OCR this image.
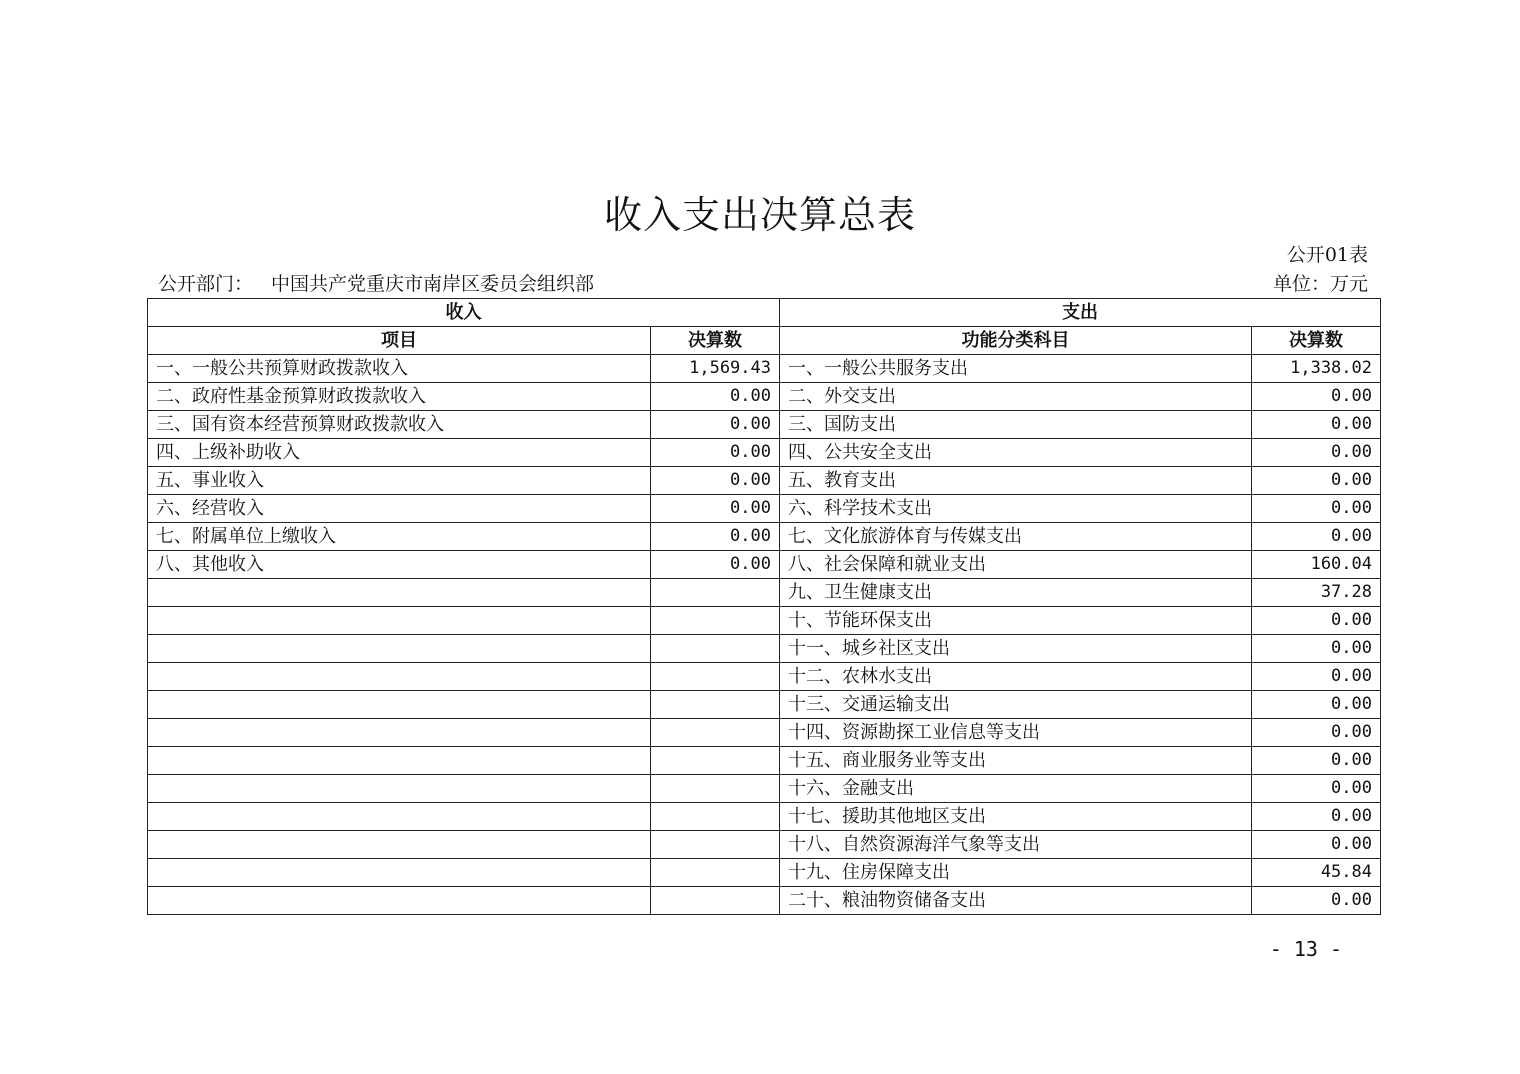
收入支出决算总表
公开01表
公开部门： 中国共产党重庆市南岸区委员会组织部	单位：万元
收入		支出	
项目	决算数	功能分类科目	决算数
一、一般公共预算财政拨款收入	1,569.43	一、一般公共服务支出	1,338.02
二、政府性基金预算财政拨款收入	0.00	二、外交支出	0.00
三、国有资本经营预算财政拨款收入	0.00	三、国防支出	0.00
四、上级补助收入	0.00	四、公共安全支出	0.00
五、事业收入	0.00	五、教育支出	0.00
六、经营收入	0.00	六、科学技术支出	0.00
七、附属单位上缴收入	0.00	七、文化旅游体育与传媒支出	0.00
八、其他收入	0.00	八、社会保障和就业支出	160.04
		九、卫生健康支出	37.28
		十、节能环保支出	0.00
		十一、城乡社区支出	0.00
		十二、农林水支出	0.00
		十三、交通运输支出	0.00
		十四、资源勘探工业信息等支出	0.00
		十五、商业服务业等支出	0.00
		十六、金融支出	0.00
		十七、援助其他地区支出	0.00
		十八、自然资源海洋气象等支出	0.00
		十九、住房保障支出	45.84
		二十、粮油物资储备支出	0.00
- 13 -
